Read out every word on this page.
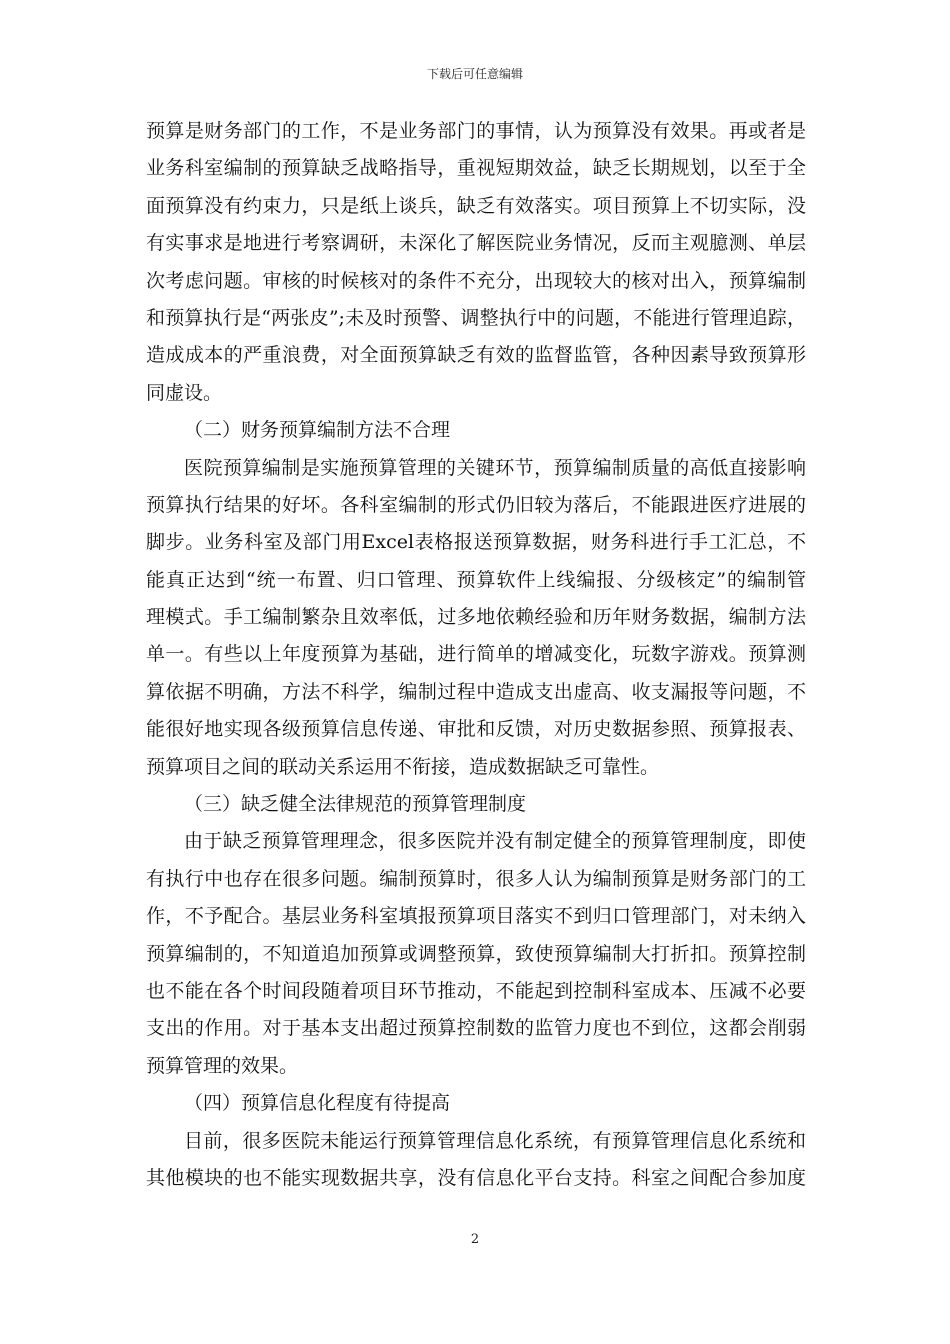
下载后可任意编辑
预算是财务部门的工作，不是业务部门的事情，认为预算没有效果。再或者是
业务科室编制的预算缺乏战略指导，重视短期效益，缺乏长期规划，以至于全
面预算没有约束力，只是纸上谈兵，缺乏有效落实。项目预算上不切实际，没
有实事求是地进行考察调研，未深化了解医院业务情况，反而主观臆测、单层
次考虑问题。审核的时候核对的条件不充分，出现较大的核对出入，预算编制
和预算执行是“两张皮”;未及时预警、调整执行中的问题，不能进行管理追踪，
造成成本的严重浪费，对全面预算缺乏有效的监督监管，各种因素导致预算形
同虚设。
（二）财务预算编制方法不合理
医院预算编制是实施预算管理的关键环节，预算编制质量的高低直接影响
预算执行结果的好坏。各科室编制的形式仍旧较为落后，不能跟进医疗进展的
脚步。业务科室及部门用Excel表格报送预算数据，财务科进行手工汇总，不
能真正达到“统一布置、归口管理、预算软件上线编报、分级核定”的编制管
理模式。手工编制繁杂且效率低，过多地依赖经验和历年财务数据，编制方法
单一。有些以上年度预算为基础，进行简单的增减变化，玩数字游戏。预算测
算依据不明确，方法不科学，编制过程中造成支出虚高、收支漏报等问题，不
能很好地实现各级预算信息传递、审批和反馈，对历史数据参照、预算报表、
预算项目之间的联动关系运用不衔接，造成数据缺乏可靠性。
（三）缺乏健全法律规范的预算管理制度
由于缺乏预算管理理念，很多医院并没有制定健全的预算管理制度，即使
有执行中也存在很多问题。编制预算时，很多人认为编制预算是财务部门的工
作，不予配合。基层业务科室填报预算项目落实不到归口管理部门，对未纳入
预算编制的，不知道追加预算或调整预算，致使预算编制大打折扣。预算控制
也不能在各个时间段随着项目环节推动，不能起到控制科室成本、压减不必要
支出的作用。对于基本支出超过预算控制数的监管力度也不到位，这都会削弱
预算管理的效果。
（四）预算信息化程度有待提高
目前，很多医院未能运行预算管理信息化系统，有预算管理信息化系统和
其他模块的也不能实现数据共享，没有信息化平台支持。科室之间配合参加度
2
